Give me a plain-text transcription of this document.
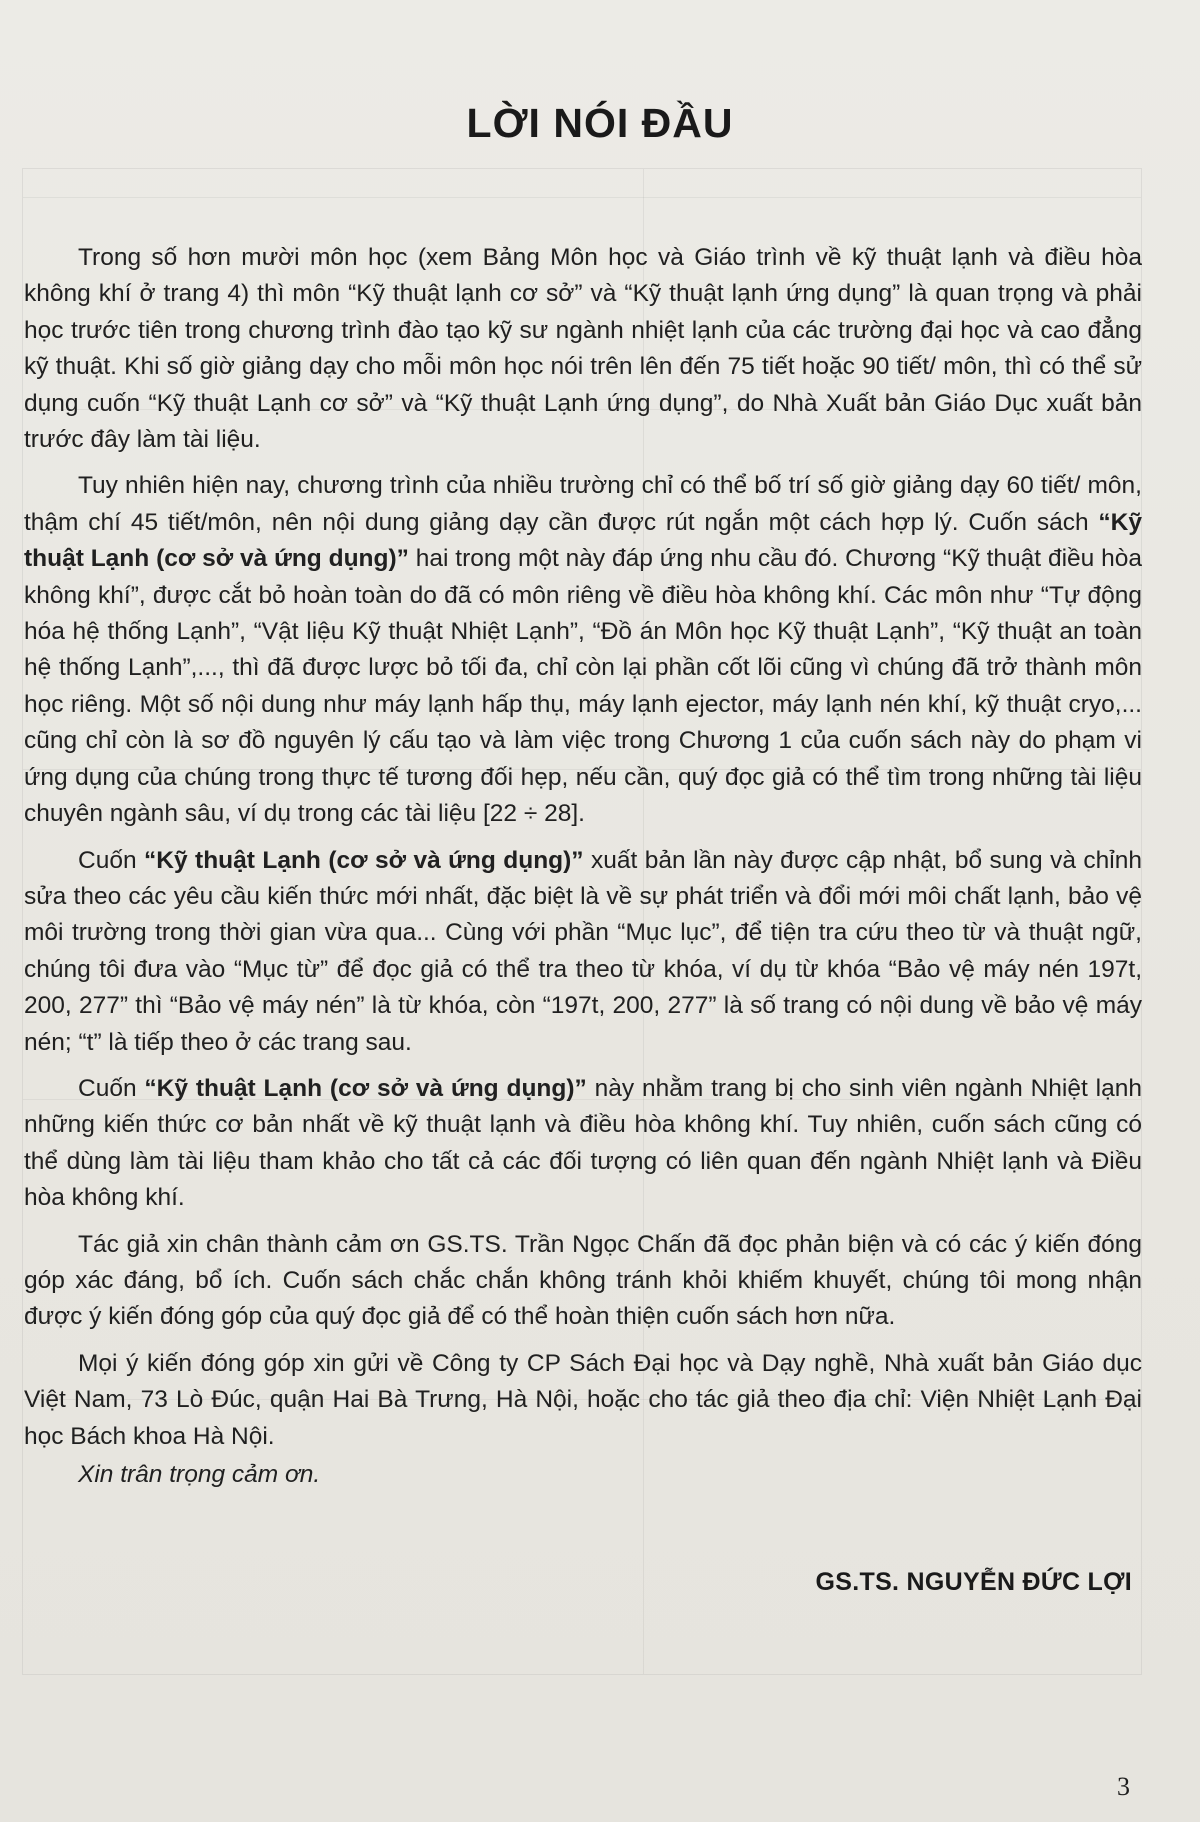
LỜI NÓI ĐẦU

Trong số hơn mười môn học (xem Bảng Môn học và Giáo trình về kỹ thuật lạnh và điều hòa không khí ở trang 4) thì môn “Kỹ thuật lạnh cơ sở” và “Kỹ thuật lạnh ứng dụng” là quan trọng và phải học trước tiên trong chương trình đào tạo kỹ sư ngành nhiệt lạnh của các trường đại học và cao đẳng kỹ thuật. Khi số giờ giảng dạy cho mỗi môn học nói trên lên đến 75 tiết hoặc 90 tiết/ môn, thì có thể sử dụng cuốn “Kỹ thuật Lạnh cơ sở” và “Kỹ thuật Lạnh ứng dụng”, do Nhà Xuất bản Giáo Dục xuất bản trước đây làm tài liệu.

Tuy nhiên hiện nay, chương trình của nhiều trường chỉ có thể bố trí số giờ giảng dạy 60 tiết/ môn, thậm chí 45 tiết/môn, nên nội dung giảng dạy cần được rút ngắn một cách hợp lý. Cuốn sách “Kỹ thuật Lạnh (cơ sở và ứng dụng)” hai trong một này đáp ứng nhu cầu đó. Chương “Kỹ thuật điều hòa không khí”, được cắt bỏ hoàn toàn do đã có môn riêng về điều hòa không khí. Các môn như “Tự động hóa hệ thống Lạnh”, “Vật liệu Kỹ thuật Nhiệt Lạnh”, “Đồ án Môn học Kỹ thuật Lạnh”, “Kỹ thuật an toàn hệ thống Lạnh”,..., thì đã được lược bỏ tối đa, chỉ còn lại phần cốt lõi cũng vì chúng đã trở thành môn học riêng. Một số nội dung như máy lạnh hấp thụ, máy lạnh ejector, máy lạnh nén khí, kỹ thuật cryo,... cũng chỉ còn là sơ đồ nguyên lý cấu tạo và làm việc trong Chương 1 của cuốn sách này do phạm vi ứng dụng của chúng trong thực tế tương đối hẹp, nếu cần, quý đọc giả có thể tìm trong những tài liệu chuyên ngành sâu, ví dụ trong các tài liệu [22 ÷ 28].

Cuốn “Kỹ thuật Lạnh (cơ sở và ứng dụng)” xuất bản lần này được cập nhật, bổ sung và chỉnh sửa theo các yêu cầu kiến thức mới nhất, đặc biệt là về sự phát triển và đổi mới môi chất lạnh, bảo vệ môi trường trong thời gian vừa qua... Cùng với phần “Mục lục”, để tiện tra cứu theo từ và thuật ngữ, chúng tôi đưa vào “Mục từ” để đọc giả có thể tra theo từ khóa, ví dụ từ khóa “Bảo vệ máy nén 197t, 200, 277” thì “Bảo vệ máy nén” là từ khóa, còn “197t, 200, 277” là số trang có nội dung về bảo vệ máy nén; “t” là tiếp theo ở các trang sau.

Cuốn “Kỹ thuật Lạnh (cơ sở và ứng dụng)” này nhằm trang bị cho sinh viên ngành Nhiệt lạnh những kiến thức cơ bản nhất về kỹ thuật lạnh và điều hòa không khí. Tuy nhiên, cuốn sách cũng có thể dùng làm tài liệu tham khảo cho tất cả các đối tượng có liên quan đến ngành Nhiệt lạnh và Điều hòa không khí.

Tác giả xin chân thành cảm ơn GS.TS. Trần Ngọc Chấn đã đọc phản biện và có các ý kiến đóng góp xác đáng, bổ ích. Cuốn sách chắc chắn không tránh khỏi khiếm khuyết, chúng tôi mong nhận được ý kiến đóng góp của quý đọc giả để có thể hoàn thiện cuốn sách hơn nữa.

Mọi ý kiến đóng góp xin gửi về Công ty CP Sách Đại học và Dạy nghề, Nhà xuất bản Giáo dục Việt Nam, 73 Lò Đúc, quận Hai Bà Trưng, Hà Nội, hoặc cho tác giả theo địa chỉ: Viện Nhiệt Lạnh Đại học Bách khoa Hà Nội.

Xin trân trọng cảm ơn.

GS.TS. NGUYỄN ĐỨC LỢI

3
